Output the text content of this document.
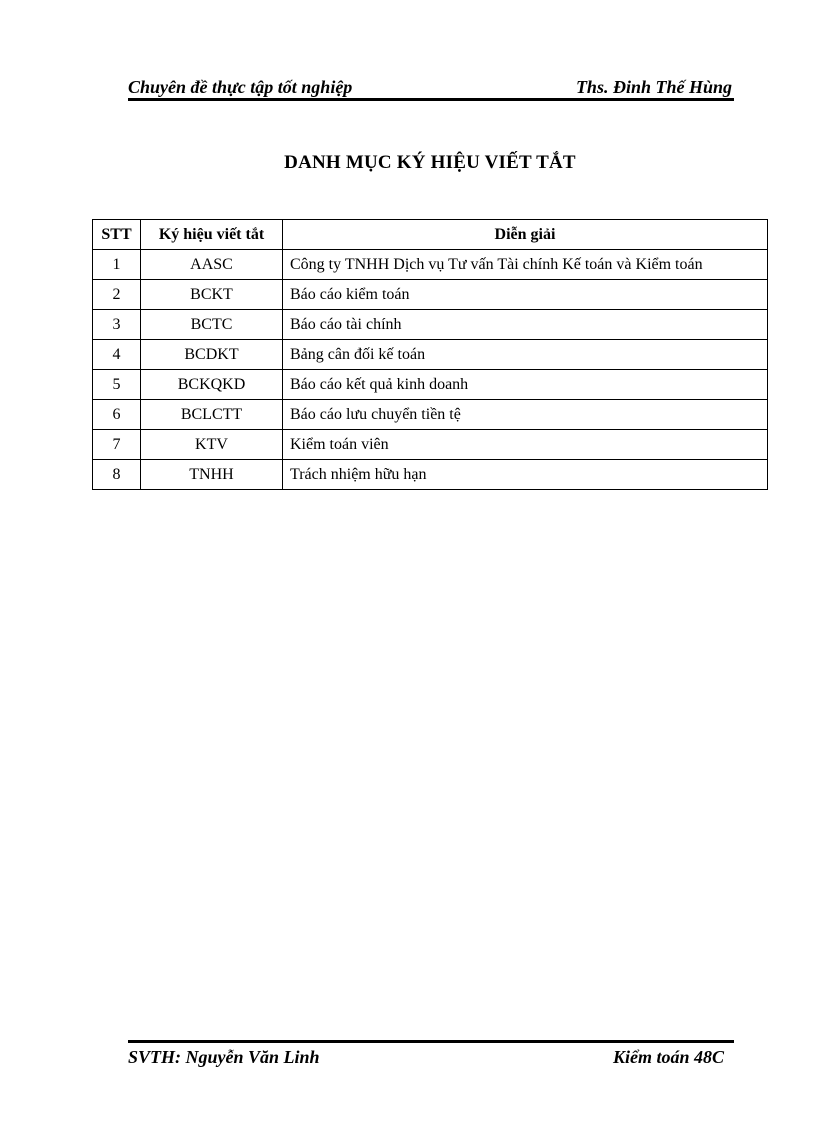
Chuyên đề thực tập tốt nghiệp	Ths. Đinh Thế Hùng
DANH MỤC KÝ HIỆU VIẾT TẮT
STT	Ký hiệu viết tắt	Diễn giải
1	AASC	Công ty TNHH Dịch vụ Tư vấn Tài chính Kế toán và Kiểm toán
2	BCKT	Báo cáo kiểm toán
3	BCTC	Báo cáo tài chính
4	BCDKT	Bảng cân đối kế toán
5	BCKQKD	Báo cáo kết quả kinh doanh
6	BCLCTT	Báo cáo lưu chuyển tiền tệ
7	KTV	Kiểm toán viên
8	TNHH	Trách nhiệm hữu hạn
SVTH: Nguyễn Văn Linh	Kiểm toán 48C
